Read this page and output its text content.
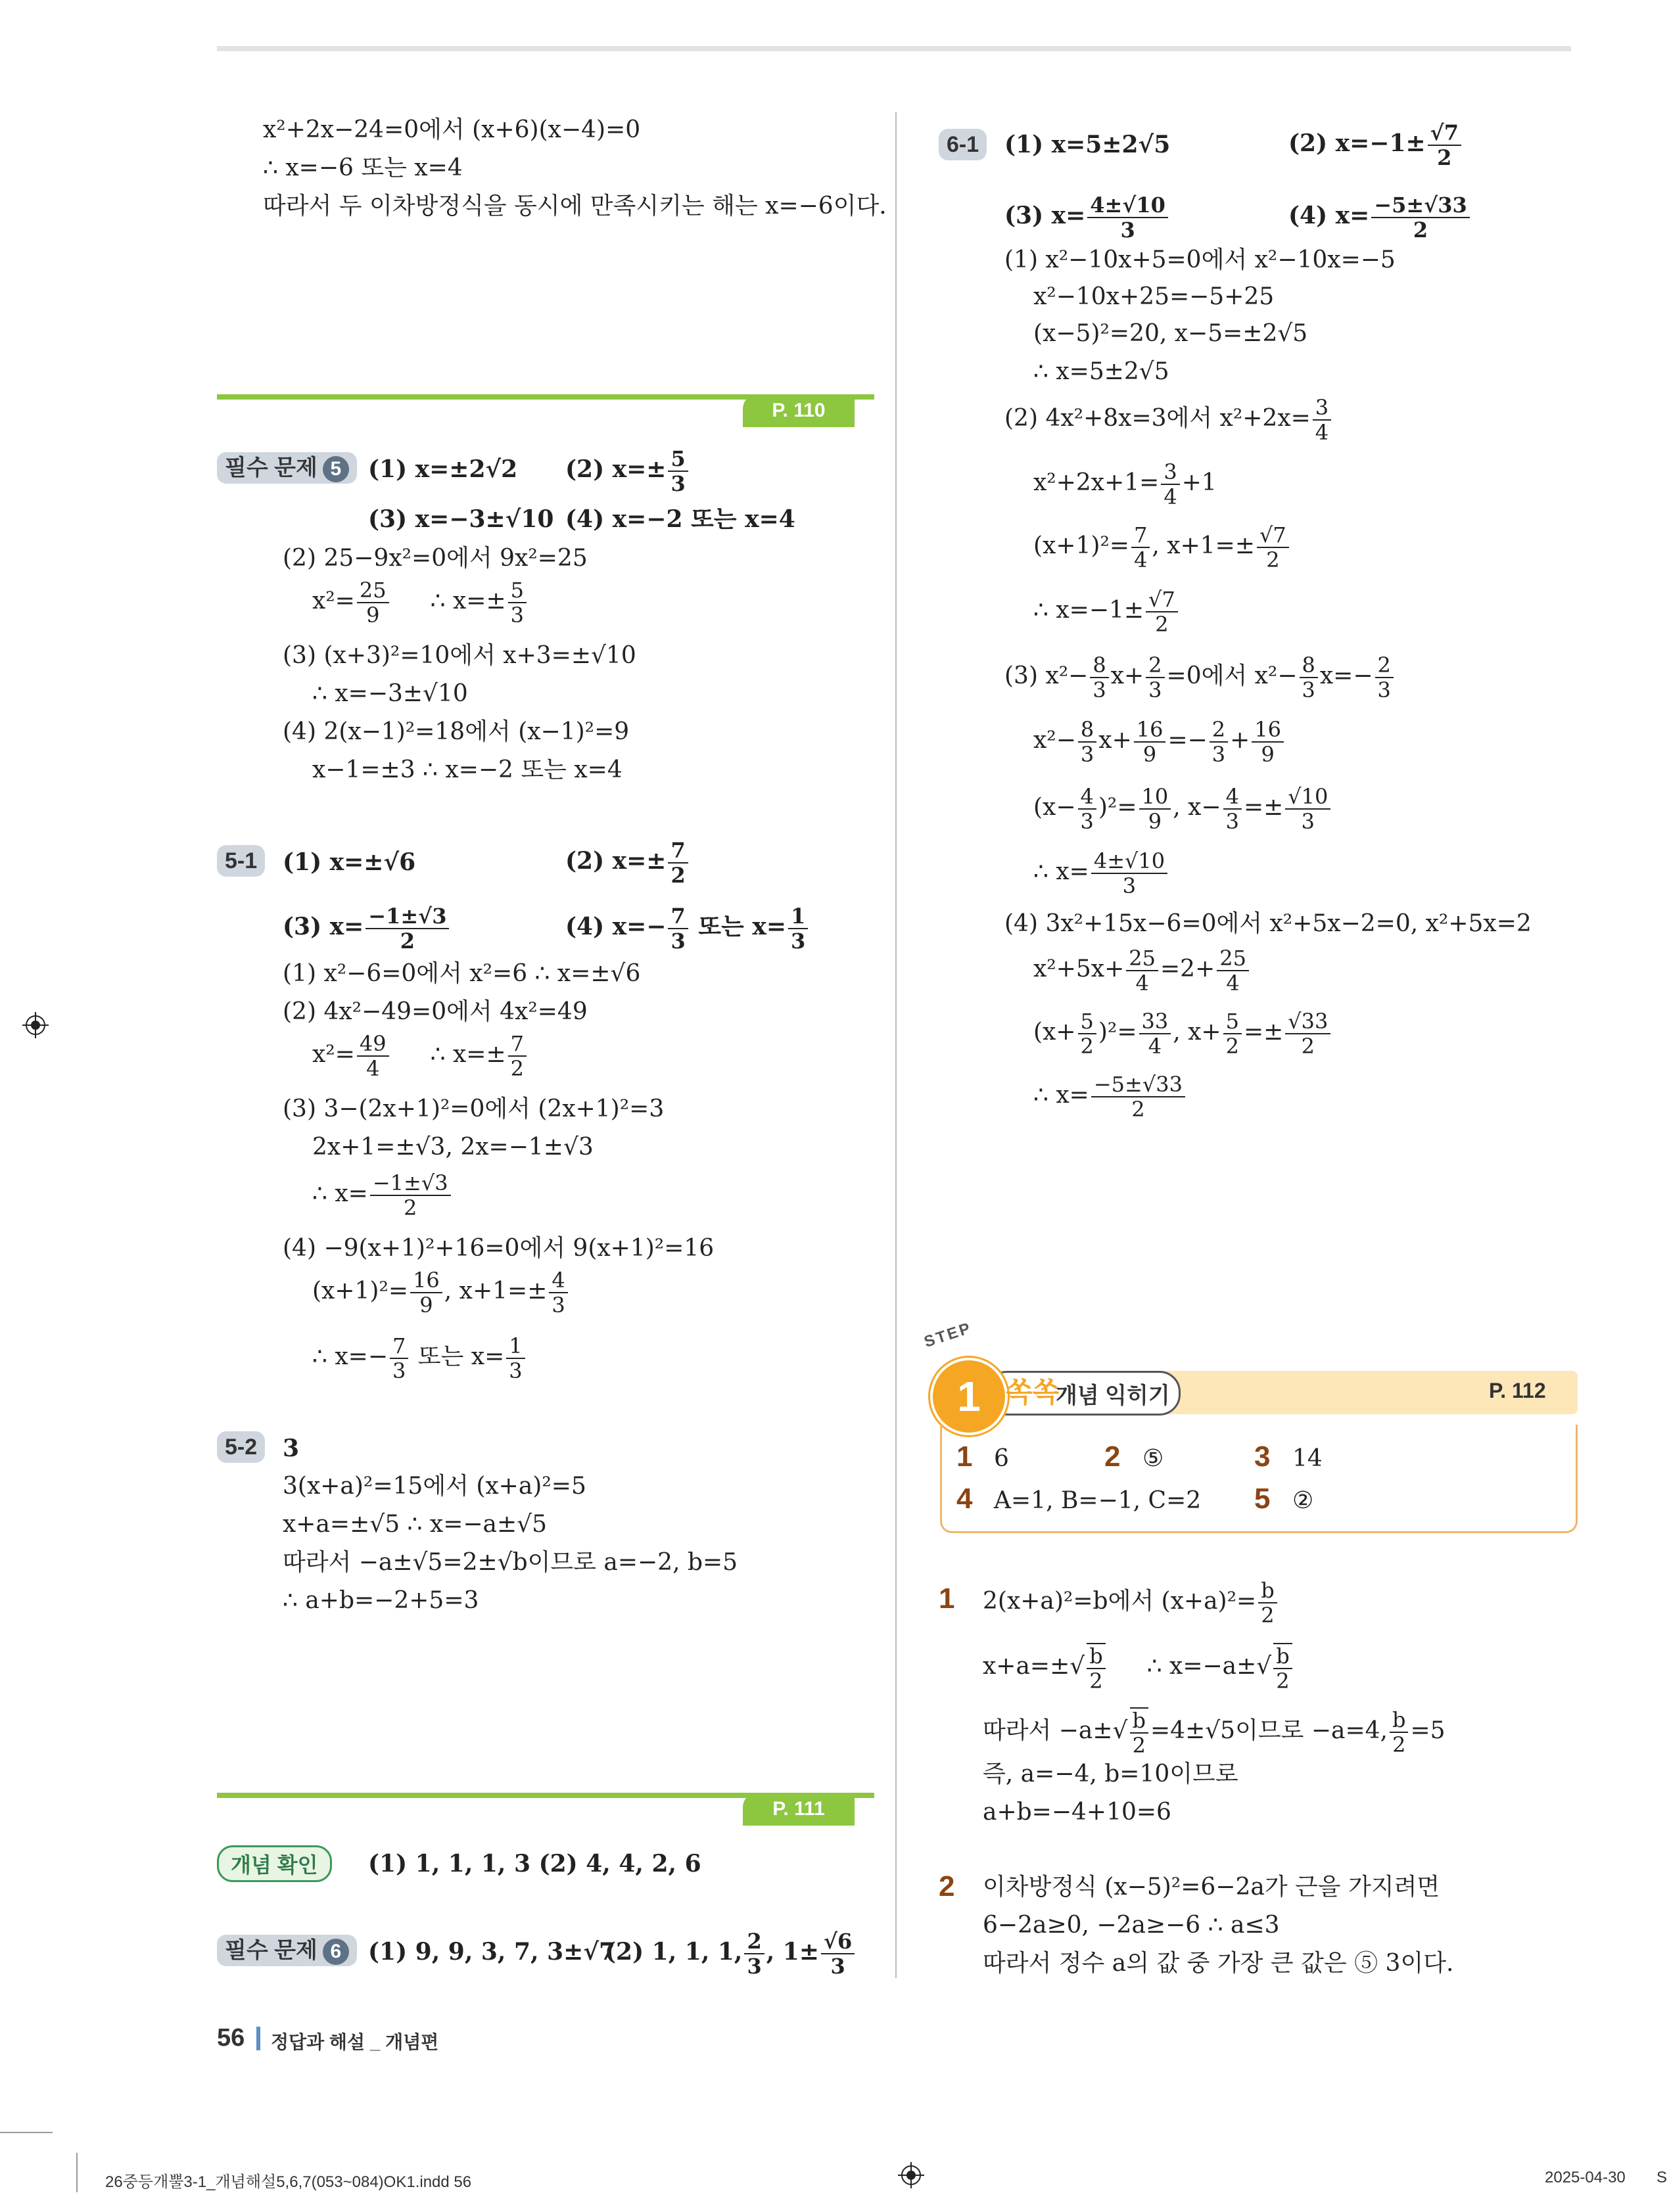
x²+2x−24=0에서 (x+6)(x−4)=0
∴ x=−6 또는 x=4
따라서 두 이차방정식을 동시에 만족시키는 해는 x=−6이다.
P. 110
필수 문제 5	(1) x=±2√2 (2) $x=\pm \frac{5}{3}$
(3) x=−3±√10 (4) x=−2 또는 x=4
(2) 25−9x²=0에서 9x²=25
$x^2= \frac{25}{9}$ ∴ $x=\pm \frac{5}{3}$
(3) (x+3)²=10에서 x+3=±√10
∴ x=−3±√10
(4) 2(x−1)²=18에서 (x−1)²=9
x−1=±3 ∴ x=−2 또는 x=4
5-1	(1) x=±√6	(2) $x=\pm \frac{7}{2}$
(3) $x= \frac{-1\pm√3}{2}$	(4) $x=- \frac{7}{3}$ 또는 $x= \frac{1}{3}$
(1) x²−6=0에서 x²=6 ∴ x=±√6
(2) 4x²−49=0에서 4x²=49
$x^2= \frac{49}{4}$ ∴ $x=\pm \frac{7}{2}$
(3) 3−(2x+1)²=0에서 (2x+1)²=3
2x+1=±√3, 2x=−1±√3
∴ $x= \frac{-1\pm√3}{2}$
(4) −9(x+1)²+16=0에서 9(x+1)²=16
$(x+1)^2= \frac{16}{9}$ , $x+1=\pm \frac{4}{3}$
∴ $x=- \frac{7}{3}$ 또는 $x= \frac{1}{3}$
5-2	3
3(x+a)²=15에서 (x+a)²=5
x+a=±√5 ∴ x=−a±√5
따라서 −a±√5=2±√b이므로 a=−2, b=5
∴ a+b=−2+5=3
P. 111
개념 확인	(1) 1, 1, 1, 3 (2) 4, 4, 2, 6
필수 문제 6	(1) 9, 9, 3, 7, 3±√7
(2) 1, 1, 1, $\frac{2}{3}$ , $1\pm \frac{√6}{3}$
6-1	(1) x=5±2√5	(2) $x=-1\pm \frac{√7}{2}$
(3) $x= \frac{4\pm√10}{3}$	(4) $x= \frac{-5\pm√33}{2}$
(1) x²−10x+5=0에서 x²−10x=−5
x²−10x+25=−5+25
(x−5)²=20, x−5=±2√5
∴ x=5±2√5
(2) 4x²+8x=3에서 $x^2+2x= \frac{3}{4}$
$x^2+2x+1= \frac{3}{4} +1$
$(x+1)^2= \frac{7}{4}$ , $x+1=\pm \frac{√7}{2}$
∴ $x=-1\pm \frac{√7}{2}$
(3) $x^2- \frac{8}{3} x+ \frac{2}{3} =0$에서 $x^2- \frac{8}{3} x=- \frac{2}{3}$
$x^2- \frac{8}{3} x+ \frac{16}{9} =- \frac{2}{3} + \frac{16}{9}$
$(x- \frac{4}{3} )^2= \frac{10}{9}$ , $x- \frac{4}{3} =\pm \frac{√10}{3}$
∴ $x= \frac{4\pm√10}{3}$
(4) 3x²+15x−6=0에서 x²+5x−2=0, x²+5x=2
$x^2+5x+ \frac{25}{4} =2+ \frac{25}{4}$
$(x+ \frac{5}{2} )^2= \frac{33}{4}$ , $x+ \frac{5}{2} =\pm \frac{√33}{2}$
∴ $x= \frac{-5\pm√33}{2}$
STEP
1 쏙쏙
개념 익히기	P. 112
1 6	2 ⑤	3 14
4 A=1, B=−1, C=2 5 ②
1 2(x+a)²=b에서 $(x+a)^2= \frac{b}{2}$
$x+a=\pm√ \frac{b}{2}$ ∴ $x=-a\pm√ \frac{b}{2}$
따라서 $-a\pm√ \frac{b}{2} =4\pm√5$이므로 −a=4, $\frac{b}{2} =5$
즉, a=−4, b=10이므로
a+b=−4+10=6
2 이차방정식 (x−5)²=6−2a가 근을 가지려면
6−2a≥0, −2a≥−6 ∴ a≤3
따라서 정수 a의 값 중 가장 큰 값은 ⑤ 3이다.
56 정답과 해설 _ 개념편
26중등개뿔3-1_개념해설5,6,7(053~084)OK1.indd 56	2025-04-30 S
